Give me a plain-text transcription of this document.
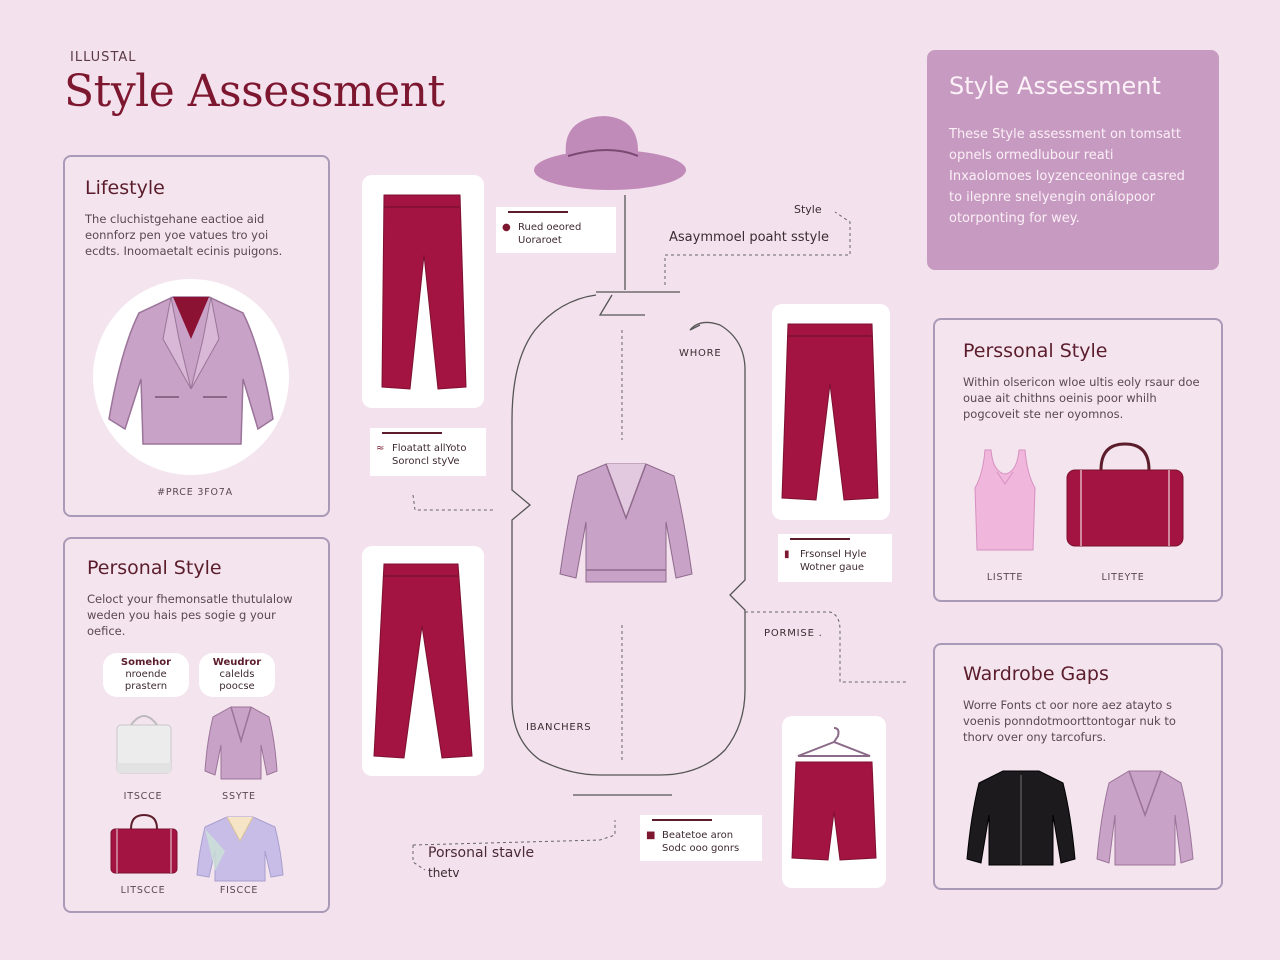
ILLUSTAL
Style Assessment	Style Assessment

These Style assessment on tomsatt opnels ormedlubour reati Inxaolomoes loyzenceoninge casred to ilepnre snelyengin onálopoor otorponting for wey.

Lifestyle

The cluchistgehane eactioe aid eonnforz pen yoe vatues tro yoi ecdts. Inoomaetalt ecinis puigons.

#PRCE 3FO7A
Personal Style

Celoct your fhemonsatle thutulalow weden you hais pes sogie g your oefice.

Somehor
nroende
prastern
Weudror
calelds
poocse
ITSCCE	SSYTE
LITSCCE	FISCCE
Perssonal Style

Within olsericon wloe ultis eoly rsaur doe ouae ait chithns oeinis poor whilh pogcoveit ste ner oyomnos.

LISTTE	LITEYTE
Wardrobe Gaps

Worre Fonts ct oor nore aez atayto s voenis ponndotmoorttontogar nuk to thorv over ony tarcofurs.

● Rued oeored
Uoraroet
≈ Floatatt allYoto
Soroncl styVe
▮ Frsonsel Hyle
Wotner gaue
■ Beatetoe aron
Sodc ooo gonrs
Style
Asaymmoel poaht sstyle
WHORE
PORMISE .
IBANCHERS
Porsonal stavle
thetv
